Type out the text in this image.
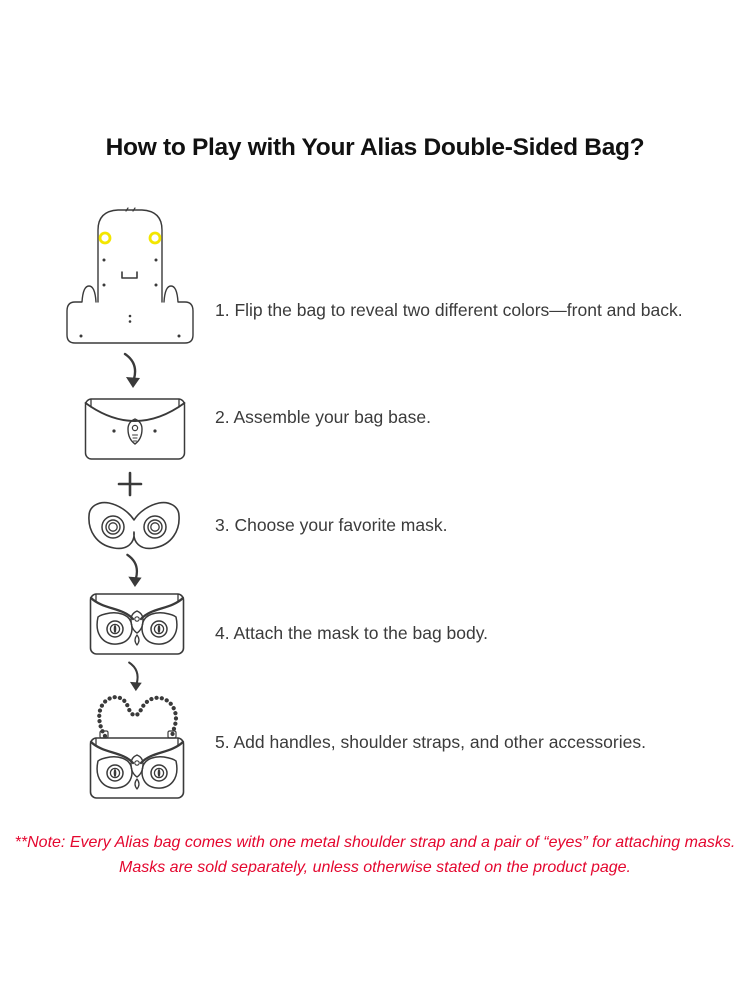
How to Play with Your Alias Double-Sided Bag?
1. Flip the bag to reveal two different colors—front and back.
2. Assemble your bag base.
3. Choose your favorite mask.
4. Attach the mask to the bag body.
5. Add handles, shoulder straps, and other accessories.
**Note: Every Alias bag comes with one metal shoulder strap and a pair of “eyes” for attaching masks.
Masks are sold separately, unless otherwise stated on the product page.
